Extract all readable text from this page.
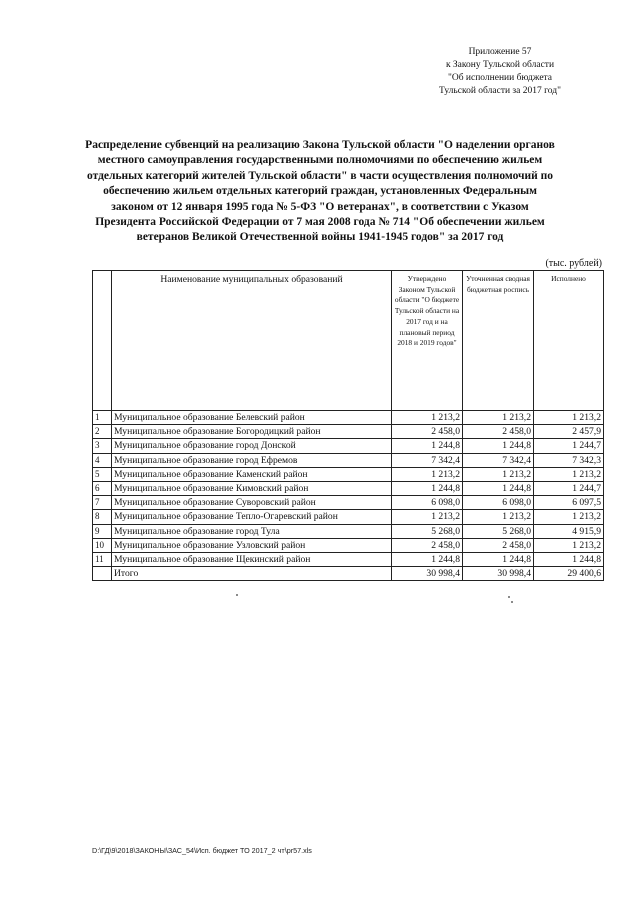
Приложение 57
к Закону Тульской области
"Об исполнении бюджета
Тульской области за 2017 год"
Распределение субвенций на реализацию Закона Тульской области "О наделении органов
местного самоуправления государственными полномочиями по обеспечению жильем
отдельных категорий жителей Тульской области" в части осуществления полномочий по
обеспечению жильем отдельных категорий граждан, установленных Федеральным
законом от 12 января 1995 года № 5-ФЗ "О ветеранах", в соответствии с Указом
Президента Российской Федерации от 7 мая 2008 года № 714 "Об обеспечении жильем
ветеранов Великой Отечественной войны 1941-1945 годов" за 2017 год
(тыс. рублей)
	Наименование муниципальных образований	Утверждено Законом Тульской области "О бюджете Тульской области на 2017 год и на плановый период 2018 и 2019 годов"	Уточненная сводная бюджетная роспись	Исполнено
1	Муниципальное образование Белевский район	1 213,2	1 213,2	1 213,2
2	Муниципальное образование Богородицкий район	2 458,0	2 458,0	2 457,9
3	Муниципальное образование город Донской	1 244,8	1 244,8	1 244,7
4	Муниципальное образование город Ефремов	7 342,4	7 342,4	7 342,3
5	Муниципальное образование Каменский район	1 213,2	1 213,2	1 213,2
6	Муниципальное образование Кимовский район	1 244,8	1 244,8	1 244,7
7	Муниципальное образование Суворовский район	6 098,0	6 098,0	6 097,5
8	Муниципальное образование Тепло-Огаревский район	1 213,2	1 213,2	1 213,2
9	Муниципальное образование город Тула	5 268,0	5 268,0	4 915,9
10	Муниципальное образование Узловский район	2 458,0	2 458,0	1 213,2
11	Муниципальное образование Щекинский район	1 244,8	1 244,8	1 244,8
	Итого	30 998,4	30 998,4	29 400,6
D:\ГД\9\2018\ЗАКОНЫ\ЗАС_54\Исп. бюджет ТО 2017_2 чт\pr57.xls
